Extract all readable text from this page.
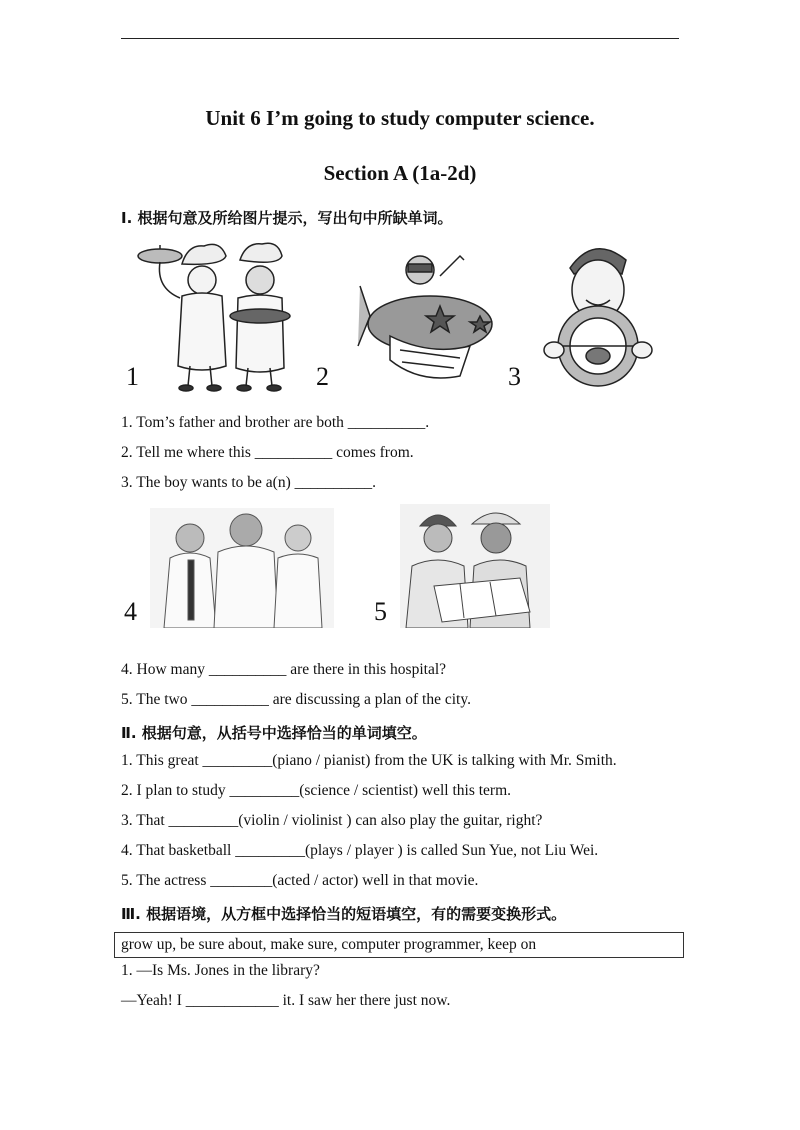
Unit 6 I’m going to study computer science.
Section A (1a-2d)
Ⅰ. 根据句意及所给图片提示，写出句中所缺单词。
1	2	3
1. Tom’s father and brother are both __________.
2. Tell me where this __________ comes from.
3. The boy wants to be a(n) __________.
4	5
4. How many __________ are there in this hospital?
5. The two __________ are discussing a plan of the city.
Ⅱ. 根据句意，从括号中选择恰当的单词填空。
1. This great _________(piano / pianist) from the UK is talking with Mr. Smith.
2. I plan to study _________(science / scientist) well this term.
3. That _________(violin / violinist ) can also play the guitar, right?
4. That basketball _________(plays / player ) is called Sun Yue, not Liu Wei.
5. The actress ________(acted / actor) well in that movie.
Ⅲ. 根据语境，从方框中选择恰当的短语填空，有的需要变换形式。
grow up, be sure about, make sure, computer programmer, keep on
1. —Is Ms. Jones in the library?
—Yeah! I ____________ it. I saw her there just now.
